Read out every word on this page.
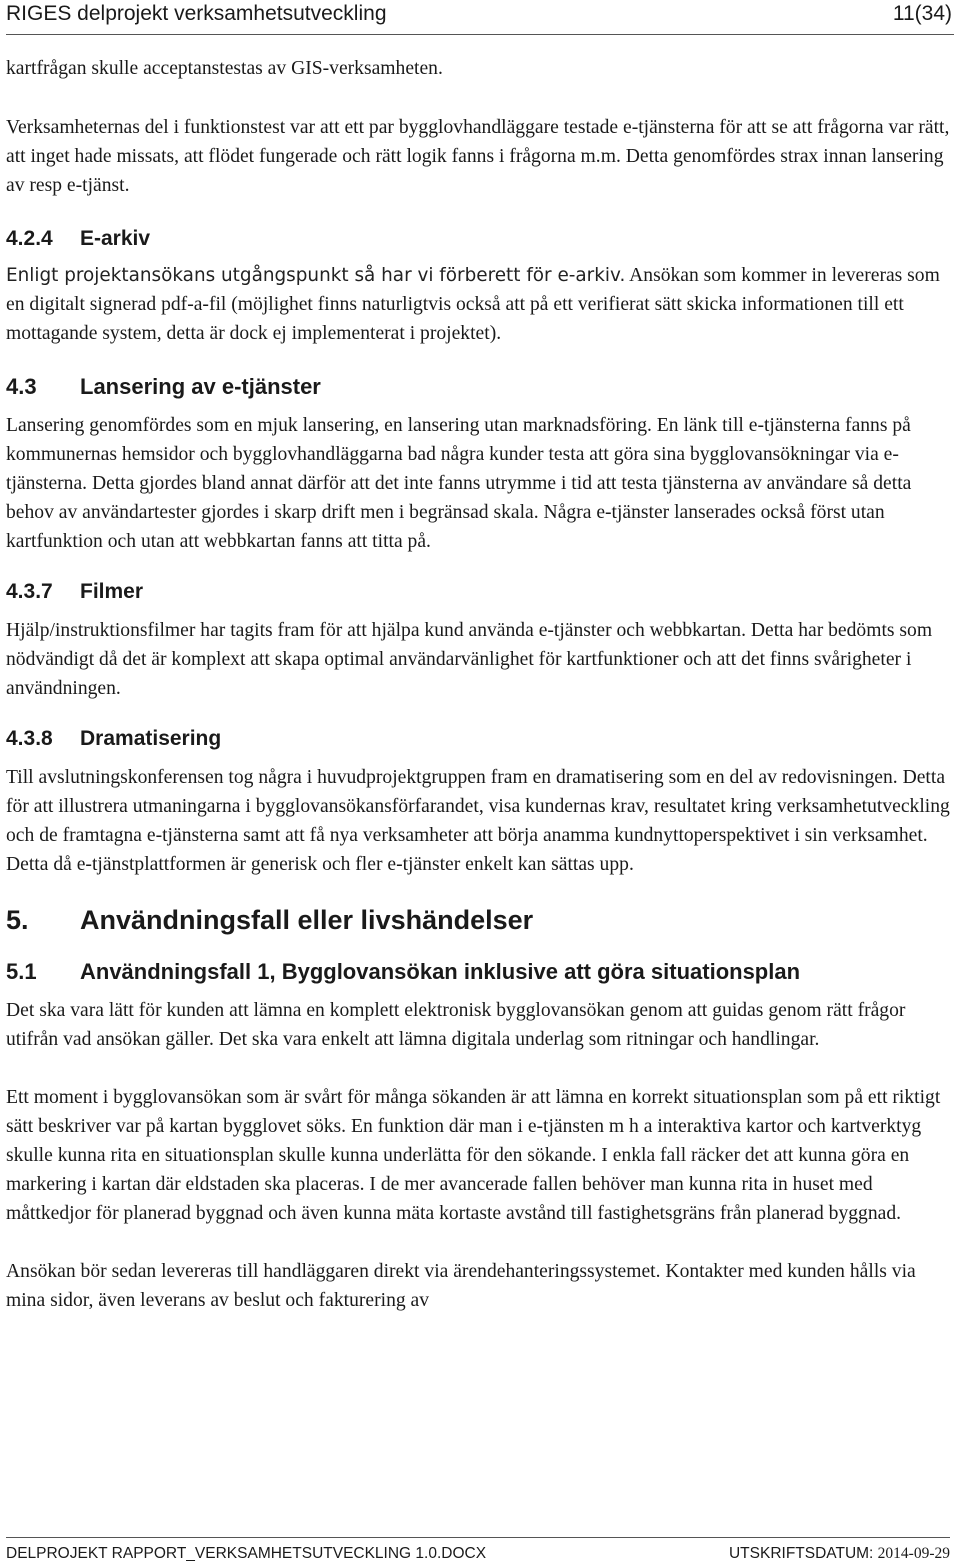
RIGES delprojekt verksamhetsutveckling	11(34)

kartfrågan skulle acceptanstestas av GIS-verksamheten.

Verksamheternas del i funktionstest var att ett par bygglovhandläggare testade e-tjänsterna för att se att frågorna var rätt, att inget hade missats, att flödet fungerade och rätt logik fanns i frågorna m.m. Detta genomfördes strax innan lansering av resp e-tjänst.

4.2.4 E-arkiv

Enligt projektansökans utgångspunkt så har vi förberett för e-arkiv. Ansökan som kommer in levereras som en digitalt signerad pdf-a-fil (möjlighet finns naturligtvis också att på ett verifierat sätt skicka informationen till ett mottagande system, detta är dock ej implementerat i projektet).

4.3 Lansering av e-tjänster

Lansering genomfördes som en mjuk lansering, en lansering utan marknadsföring. En länk till e-tjänsterna fanns på kommunernas hemsidor och bygglovhandläggarna bad några kunder testa att göra sina bygglovansökningar via e-tjänsterna. Detta gjordes bland annat därför att det inte fanns utrymme i tid att testa tjänsterna av användare så detta behov av användartester gjordes i skarp drift men i begränsad skala. Några e-tjänster lanserades också först utan kartfunktion och utan att webbkartan fanns att titta på.

4.3.7 Filmer

Hjälp/instruktionsfilmer har tagits fram för att hjälpa kund använda e-tjänster och webbkartan. Detta har bedömts som nödvändigt då det är komplext att skapa optimal användarvänlighet för kartfunktioner och att det finns svårigheter i användningen.

4.3.8 Dramatisering

Till avslutningskonferensen tog några i huvudprojektgruppen fram en dramatisering som en del av redovisningen. Detta för att illustrera utmaningarna i bygglovansökansförfarandet, visa kundernas krav, resultatet kring verksamhetutveckling och de framtagna e-tjänsterna samt att få nya verksamheter att börja anamma kundnyttoperspektivet i sin verksamhet. Detta då e-tjänstplattformen är generisk och fler e-tjänster enkelt kan sättas upp.

5. Användningsfall eller livshändelser
5.1 Användningsfall 1, Bygglovansökan inklusive att göra situationsplan

Det ska vara lätt för kunden att lämna en komplett elektronisk bygglovansökan genom att guidas genom rätt frågor utifrån vad ansökan gäller. Det ska vara enkelt att lämna digitala underlag som ritningar och handlingar.

Ett moment i bygglovansökan som är svårt för många sökanden är att lämna en korrekt situationsplan som på ett riktigt sätt beskriver var på kartan bygglovet söks. En funktion där man i e-tjänsten m h a interaktiva kartor och kartverktyg skulle kunna rita en situationsplan skulle kunna underlätta för den sökande. I enkla fall räcker det att kunna göra en markering i kartan där eldstaden ska placeras. I de mer avancerade fallen behöver man kunna rita in huset med måttkedjor för planerad byggnad och även kunna mäta kortaste avstånd till fastighetsgräns från planerad byggnad.

Ansökan bör sedan levereras till handläggaren direkt via ärendehanteringssystemet. Kontakter med kunden hålls via mina sidor, även leverans av beslut och fakturering av

DELPROJEKT RAPPORT_VERKSAMHETSUTVECKLING 1.0.DOCX	UTSKRIFTSDATUM: 2014-09-29
